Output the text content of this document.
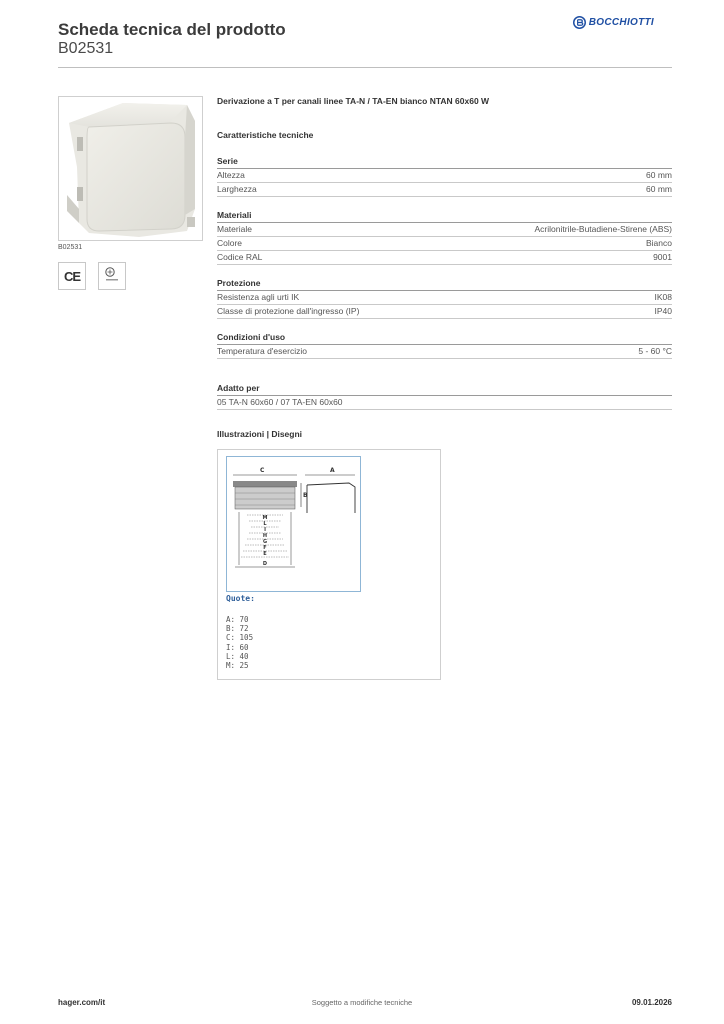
Scheda tecnica del prodotto
B02531
BOCCHIOTTI
B02531
CE
Derivazione a T per canali linee TA-N / TA-EN bianco NTAN 60x60 W
Caratteristiche tecniche
Serie
Altezza	60 mm
Larghezza	60 mm
Materiali
Materiale	Acrilonitrile-Butadiene-Stirene (ABS)
Colore	Bianco
Codice RAL	9001
Protezione
Resistenza agli urti IK	IK08
Classe di protezione dall'ingresso (IP)	IP40
Condizioni d'uso
Temperatura d'esercizio	5 - 60 °C
Adatto per
05 TA-N 60x60 / 07 TA-EN 60x60
Illustrazioni | Disegni
C	A
B
M
L
I
H
G
F
E
D
Quote:
A: 70
B: 72
C: 105
I: 60
L: 40
M: 25
hager.com/it	Soggetto a modifiche tecniche	09.01.2026
